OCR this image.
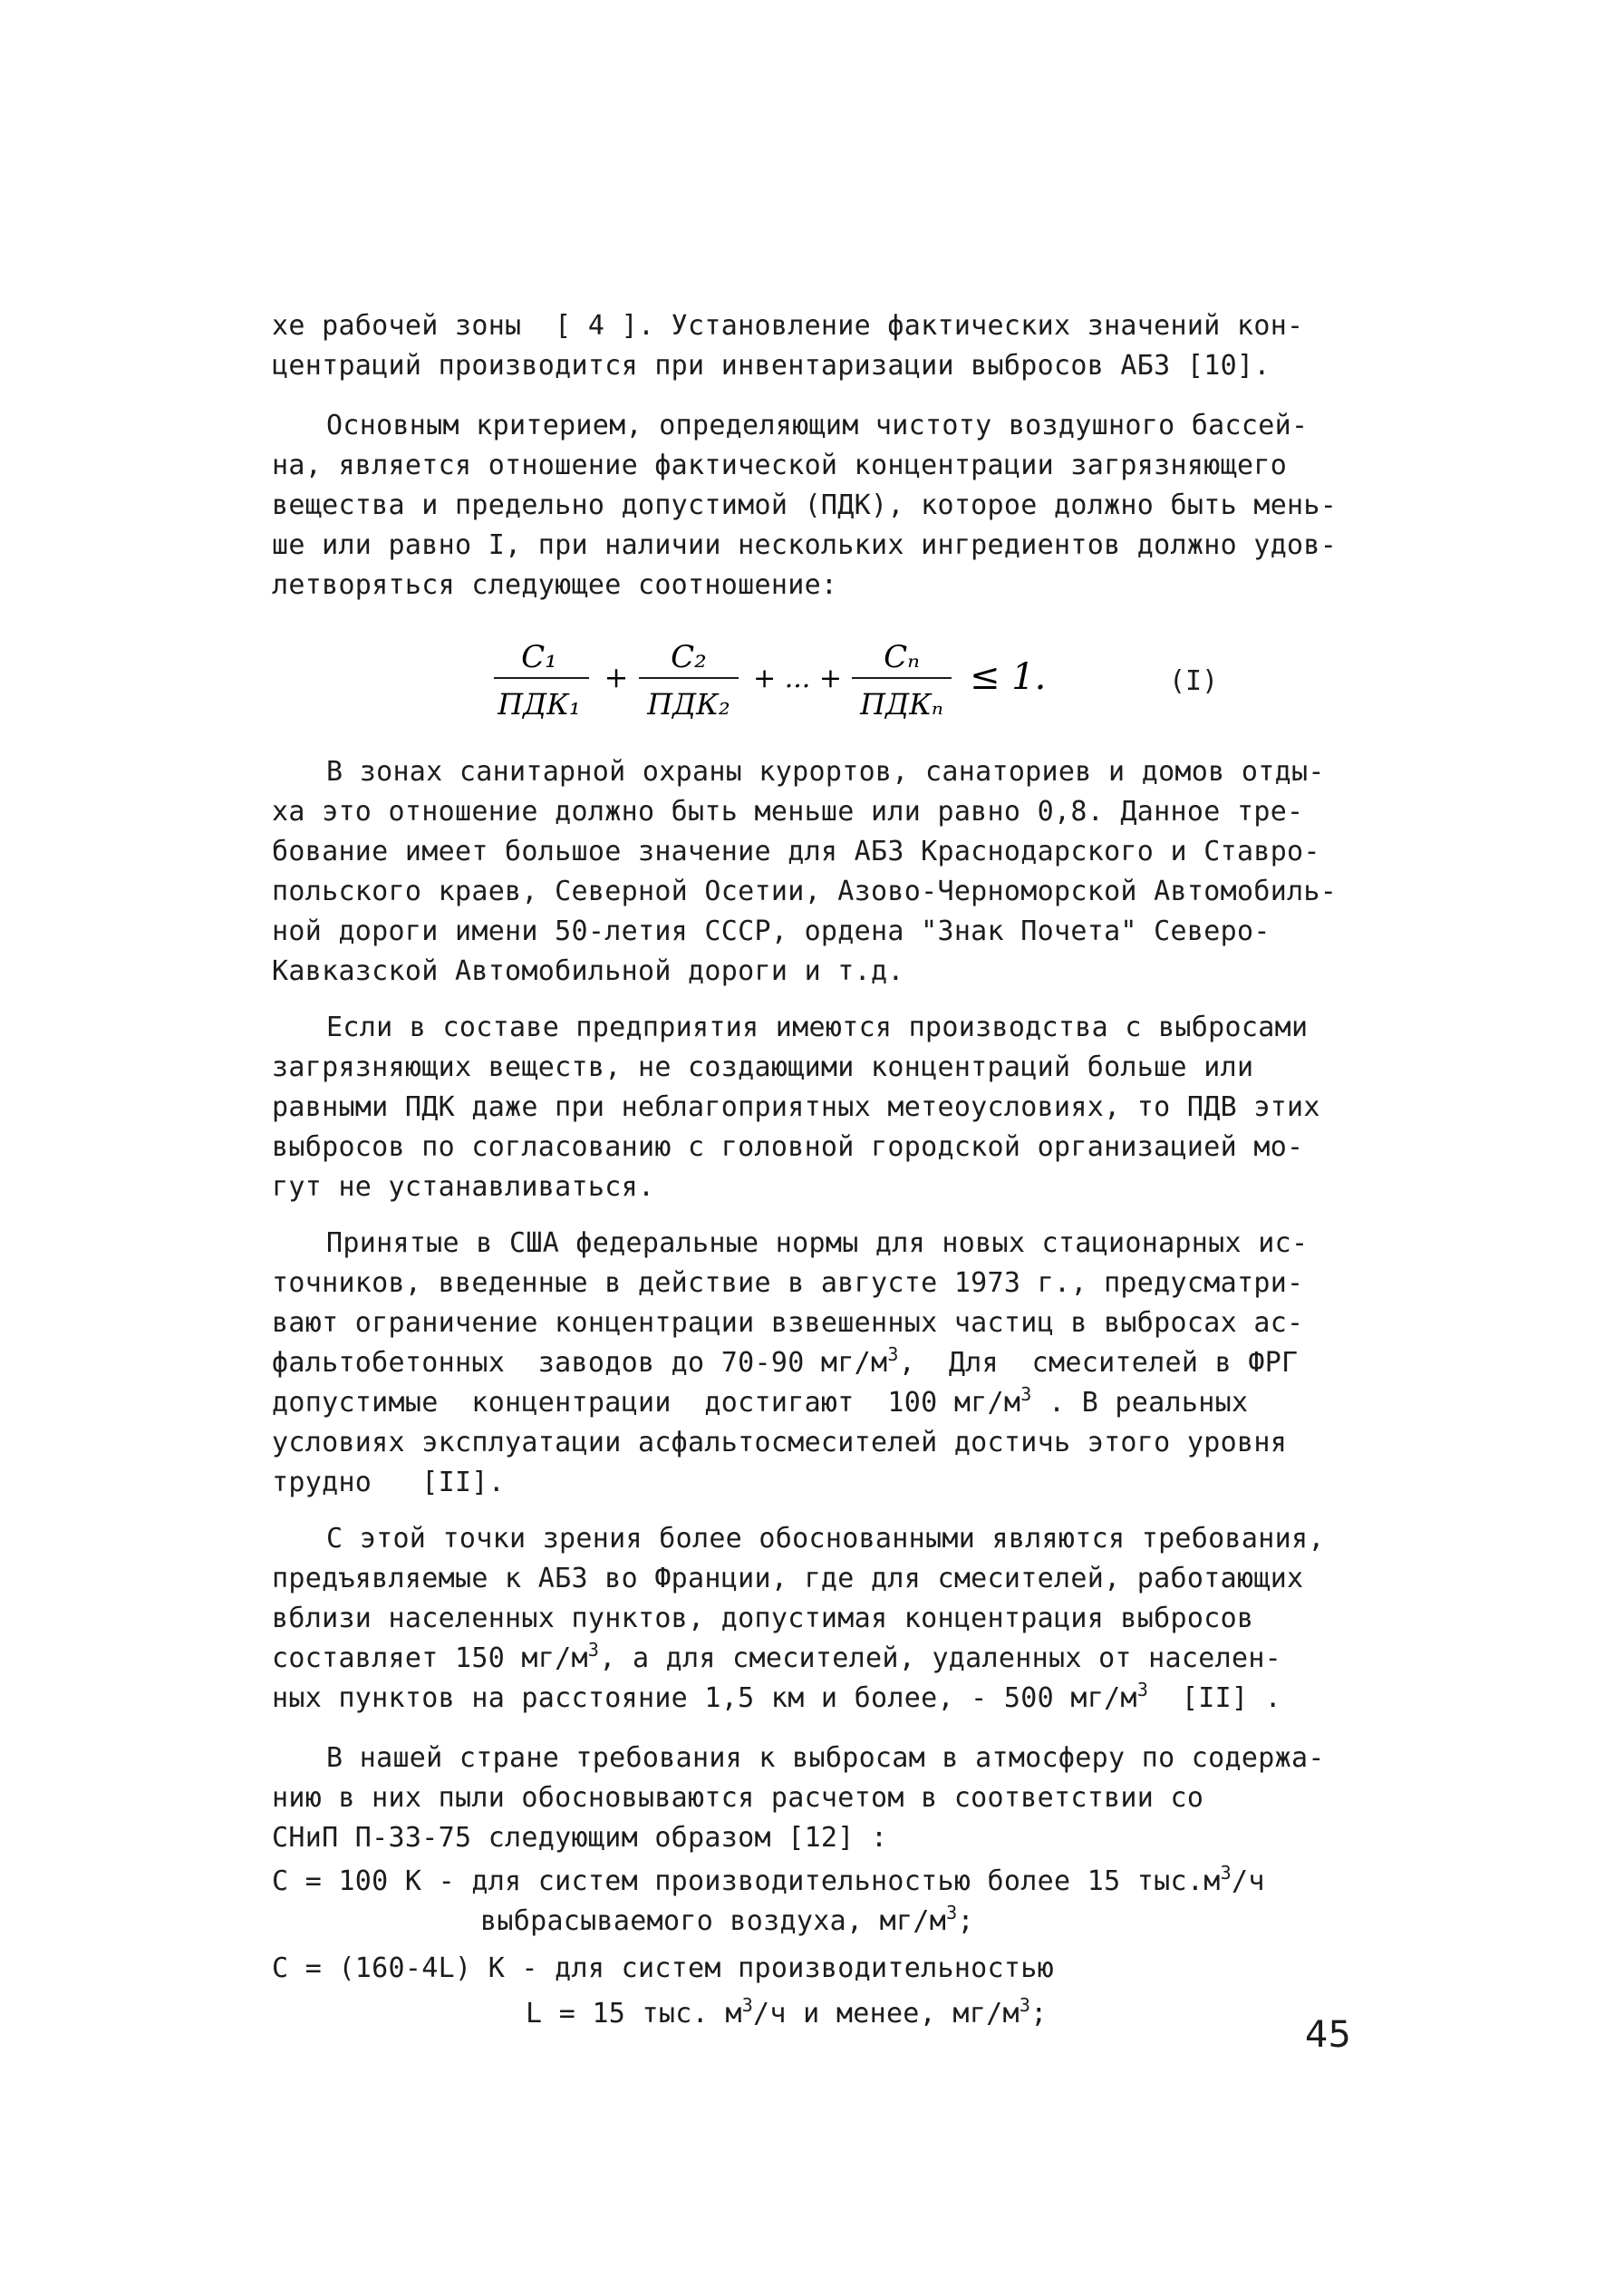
хе рабочей зоны  [ 4 ]. Установление фактических значений кон-
центраций производится при инвентаризации выбросов АБЗ [10].
Основным критерием, определяющим чистоту воздушного бассей-
на, является отношение фактической концентрации загрязняющего
вещества и предельно допустимой (ПДК), которое должно быть мень-
ше или равно I, при наличии нескольких ингредиентов должно удов-
летворяться следующее соотношение:
C₁
ПДК₁
+
C₂
ПДК₂
+ ... +
Cₙ
ПДКₙ
≤ 1.	(I)
В зонах санитарной охраны курортов, санаториев и домов отды-
ха это отношение должно быть меньше или равно 0,8. Данное тре-
бование имеет большое значение для АБЗ Краснодарского и Ставро-
польского краев, Северной Осетии, Азово-Черноморской Автомобиль-
ной дороги имени 50-летия СССР, ордена "Знак Почета" Северо-
Кавказской Автомобильной дороги и т.д.
Если в составе предприятия имеются производства с выбросами
загрязняющих веществ, не создающими концентраций больше или
равными ПДК даже при неблагоприятных метеоусловиях, то ПДВ этих
выбросов по согласованию с головной городской организацией мо-
гут не устанавливаться.
Принятые в США федеральные нормы для новых стационарных ис-
точников, введенные в действие в августе 1973 г., предусматри-
вают ограничение концентрации взвешенных частиц в выбросах ас-
фальтобетонных  заводов до 70-90 $мг/м^3$,  Для  смесителей в ФРГ
допустимые  концентрации  достигают  100 $мг/м^3$ . В реальных
условиях эксплуатации асфальтосмесителей достичь этого уровня
трудно   [II].
С этой точки зрения более обоснованными являются требования,
предъявляемые к АБЗ во Франции, где для смесителей, работающих
вблизи населенных пунктов, допустимая концентрация выбросов
составляет 150 $мг/м^3$, а для смесителей, удаленных от населен-
ных пунктов на расстояние 1,5 км и более, - 500 $мг/м^3$  [II] .
В нашей стране требования к выбросам в атмосферу по содержа-
нию в них пыли обосновываются расчетом в соответствии со
СНиП П-33-75 следующим образом [12] :
С = 100 К - для систем производительностью более 15 $тыс.м^3/ч$
выбрасываемого воздуха, $мг/м^3$;
С = (160-4L) К - для систем производительностью
L = 15 тыс. $м^3/ч$ и менее, $мг/м^3$;
45
